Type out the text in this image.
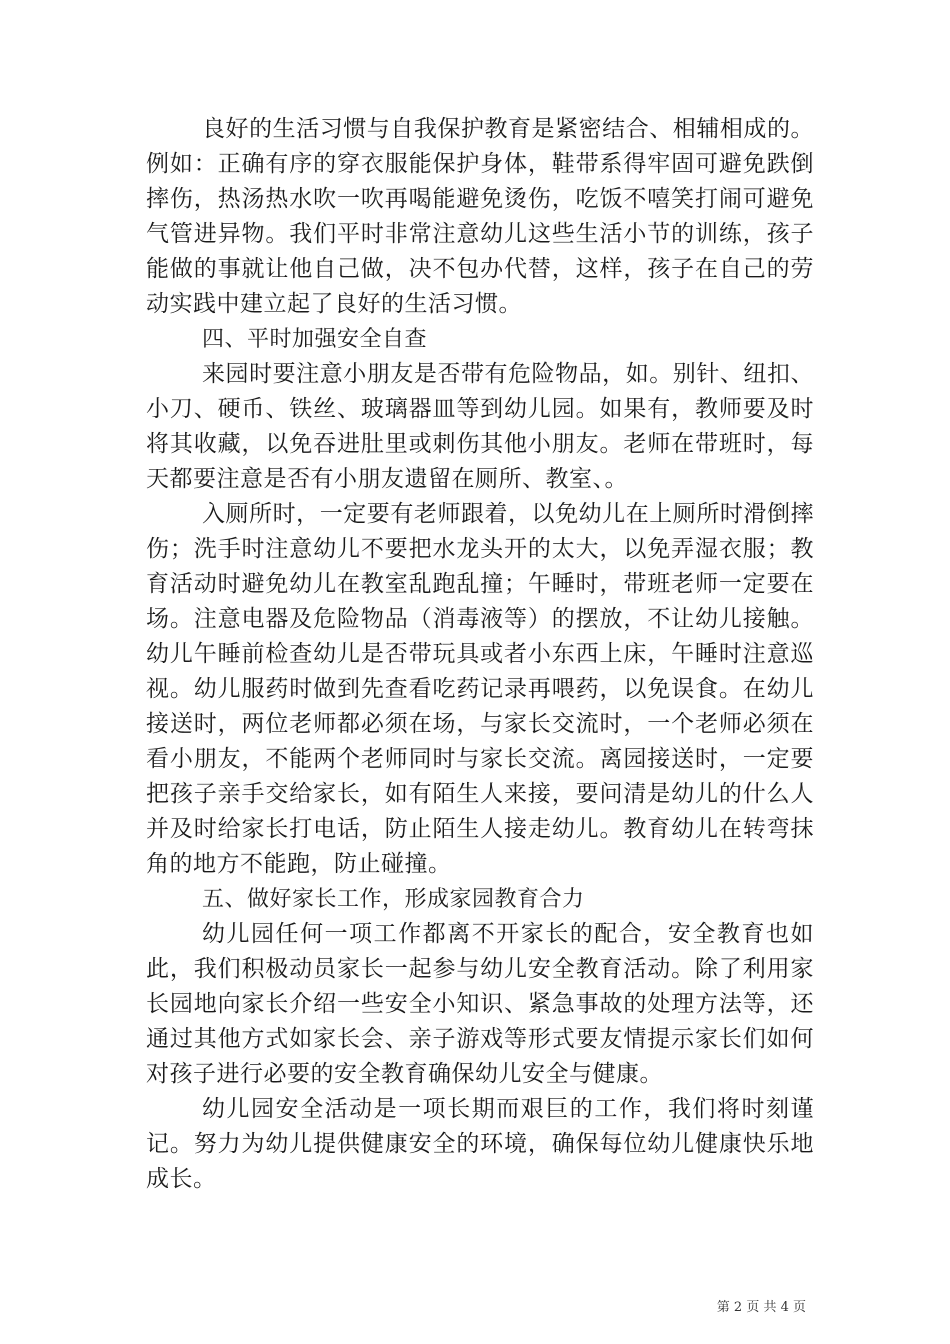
良好的生活习惯与自我保护教育是紧密结合、相辅相成的。例如：正确有序的穿衣服能保护身体，鞋带系得牢固可避免跌倒摔伤，热汤热水吹一吹再喝能避免烫伤，吃饭不嘻笑打闹可避免气管进异物。我们平时非常注意幼儿这些生活小节的训练，孩子能做的事就让他自己做，决不包办代替，这样，孩子在自己的劳动实践中建立起了良好的生活习惯。

四、平时加强安全自查

来园时要注意小朋友是否带有危险物品，如。别针、纽扣、小刀、硬币、铁丝、玻璃器皿等到幼儿园。如果有，教师要及时将其收藏，以免吞进肚里或刺伤其他小朋友。老师在带班时，每天都要注意是否有小朋友遗留在厕所、教室、。

入厕所时，一定要有老师跟着，以免幼儿在上厕所时滑倒摔伤；洗手时注意幼儿不要把水龙头开的太大，以免弄湿衣服；教育活动时避免幼儿在教室乱跑乱撞；午睡时，带班老师一定要在场。注意电器及危险物品（消毒液等）的摆放，不让幼儿接触。幼儿午睡前检查幼儿是否带玩具或者小东西上床，午睡时注意巡视。幼儿服药时做到先查看吃药记录再喂药，以免误食。在幼儿接送时，两位老师都必须在场，与家长交流时，一个老师必须在看小朋友，不能两个老师同时与家长交流。离园接送时，一定要把孩子亲手交给家长，如有陌生人来接，要问清是幼儿的什么人并及时给家长打电话，防止陌生人接走幼儿。教育幼儿在转弯抹角的地方不能跑，防止碰撞。

五、做好家长工作，形成家园教育合力

幼儿园任何一项工作都离不开家长的配合，安全教育也如此，我们积极动员家长一起参与幼儿安全教育活动。除了利用家长园地向家长介绍一些安全小知识、紧急事故的处理方法等，还通过其他方式如家长会、亲子游戏等形式要友情提示家长们如何对孩子进行必要的安全教育确保幼儿安全与健康。

幼儿园安全活动是一项长期而艰巨的工作，我们将时刻谨记。努力为幼儿提供健康安全的环境，确保每位幼儿健康快乐地成长。

第 2 页 共 4 页
